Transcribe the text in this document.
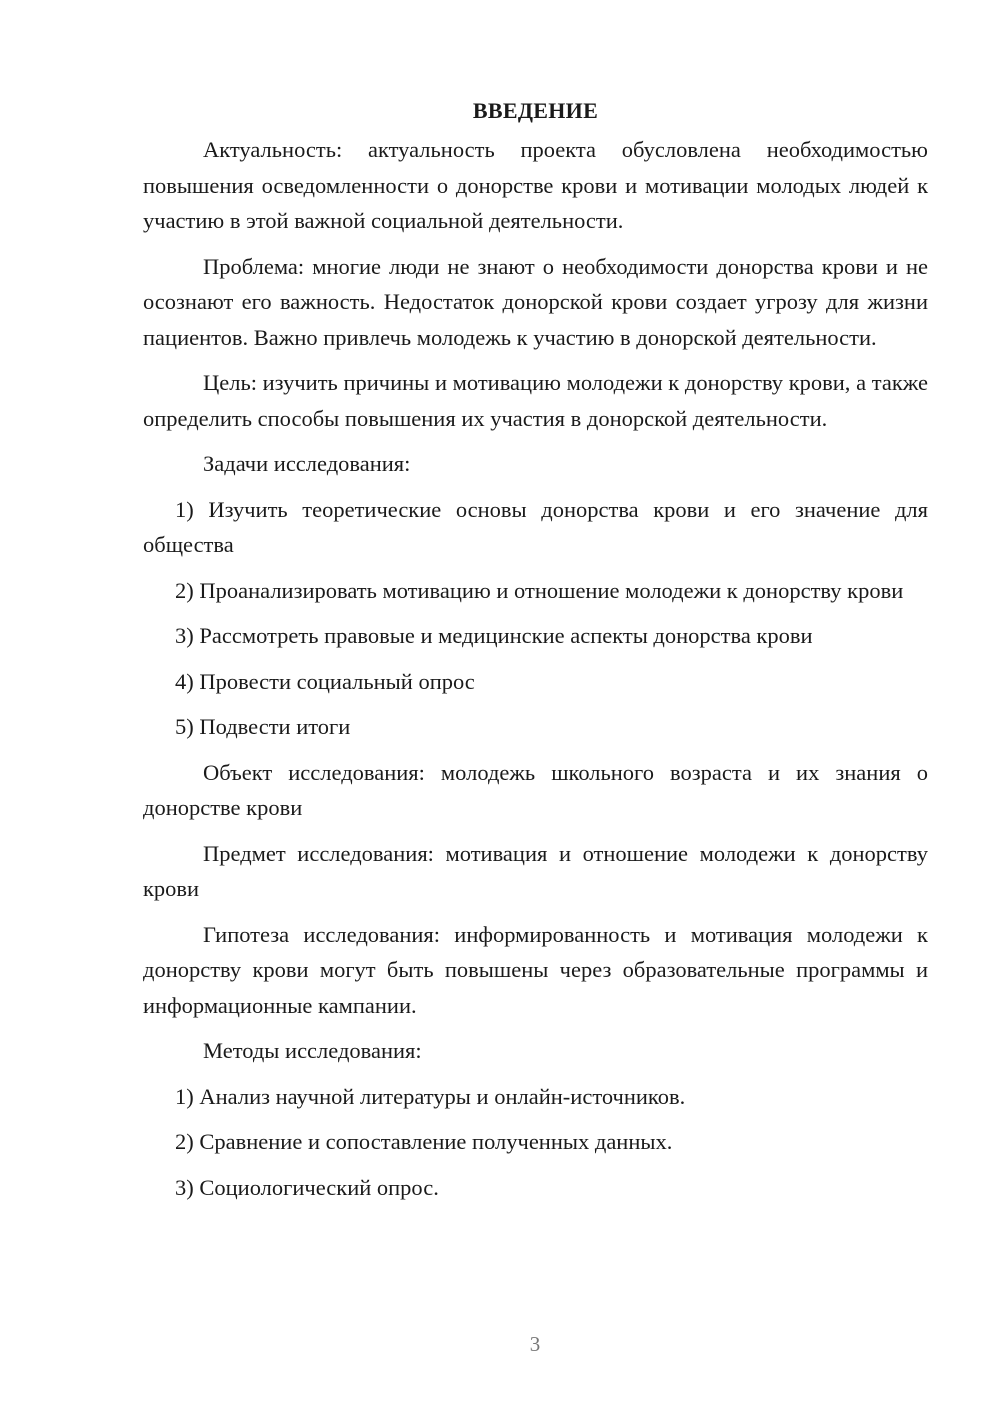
ВВЕДЕНИЕ

Актуальность: актуальность проекта обусловлена необходимостью повышения осведомленности о донорстве крови и мотивации молодых людей к участию в этой важной социальной деятельности.

Проблема: многие люди не знают о необходимости донорства крови и не осознают его важность. Недостаток донорской крови создает угрозу для жизни пациентов. Важно привлечь молодежь к участию в донорской деятельности.

Цель: изучить причины и мотивацию молодежи к донорству крови, а также определить способы повышения их участия в донорской деятельности.

Задачи исследования:

1) Изучить теоретические основы донорства крови и его значение для общества

2) Проанализировать мотивацию и отношение молодежи к донорству крови

3) Рассмотреть правовые и медицинские аспекты донорства крови

4) Провести социальный опрос

5) Подвести итоги

Объект исследования: молодежь школьного возраста и их знания о донорстве крови

Предмет исследования: мотивация и отношение молодежи к донорству крови

Гипотеза исследования: информированность и мотивация молодежи к донорству крови могут быть повышены через образовательные программы и информационные кампании.

Методы исследования:

1) Анализ научной литературы и онлайн-источников.

2) Сравнение и сопоставление полученных данных.

3) Социологический опрос.

3
